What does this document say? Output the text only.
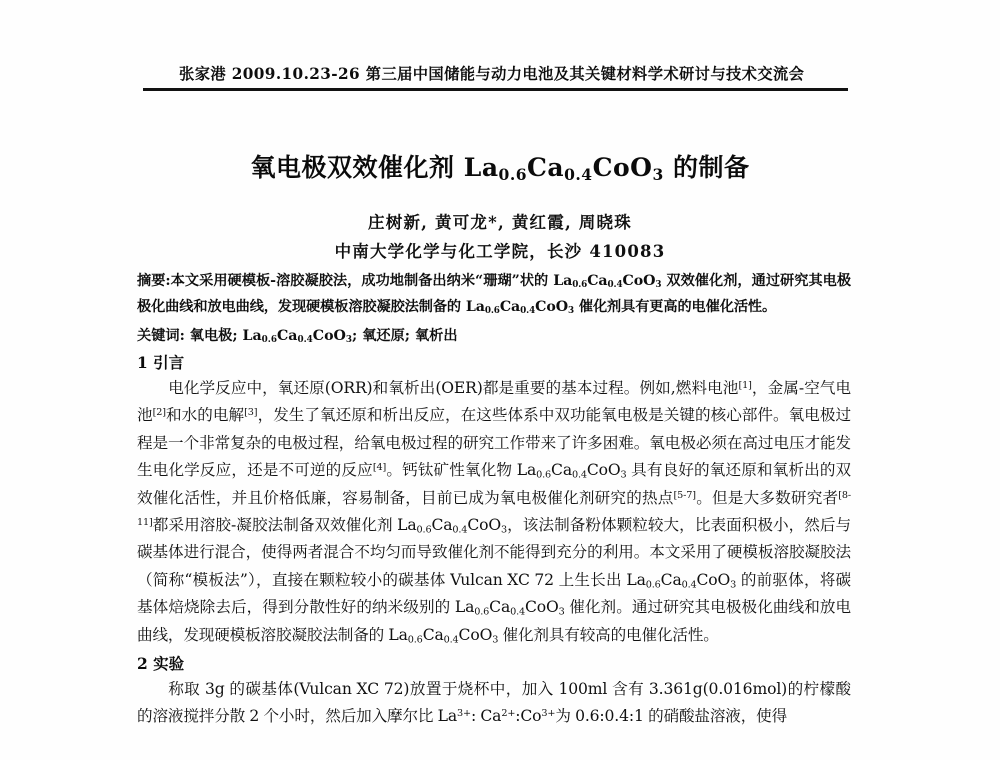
张家港 2009.10.23-26 第三届中国储能与动力电池及其关键材料学术研讨与技术交流会
氧电极双效催化剂 $La_{0.6}Ca_{0.4}CoO_3$ 的制备
庄树新, 黄可龙*, 黄红霞, 周晓珠
中南大学化学与化工学院，长沙 410083
摘要:本文采用硬模板-溶胶凝胶法，成功地制备出纳米“珊瑚”状的 $La_{0.6}Ca_{0.4}CoO_3$ 双效催化剂，通过研究其电极极化曲线和放电曲线，发现硬模板溶胶凝胶法制备的 $La_{0.6}Ca_{0.4}CoO_3$ 催化剂具有更高的电催化活性。
关键词: 氧电极; $La_{0.6}Ca_{0.4}CoO_3$; 氧还原; 氧析出
1 引言

电化学反应中，氧还原(ORR)和氧析出(OER)都是重要的基本过程。例如,燃料电池[1]，金属-空气电池[2]和水的电解[3]，发生了氧还原和析出反应，在这些体系中双功能氧电极是关键的核心部件。氧电极过程是一个非常复杂的电极过程，给氧电极过程的研究工作带来了许多困难。氧电极必须在高过电压才能发生电化学反应，还是不可逆的反应[4]。钙钛矿性氧化物 $La_{0.6}Ca_{0.4}CoO_3$ 具有良好的氧还原和氧析出的双效催化活性，并且价格低廉，容易制备，目前已成为氧电极催化剂研究的热点[5-7]。但是大多数研究者[8-11]都采用溶胶-凝胶法制备双效催化剂 $La_{0.6}Ca_{0.4}CoO_3$，该法制备粉体颗粒较大，比表面积极小，然后与碳基体进行混合，使得两者混合不均匀而导致催化剂不能得到充分的利用。本文采用了硬模板溶胶凝胶法（简称“模板法”），直接在颗粒较小的碳基体 Vulcan XC 72 上生长出 $La_{0.6}Ca_{0.4}CoO_3$ 的前驱体，将碳基体焙烧除去后，得到分散性好的纳米级别的 $La_{0.6}Ca_{0.4}CoO_3$ 催化剂。通过研究其电极极化曲线和放电曲线，发现硬模板溶胶凝胶法制备的 $La_{0.6}Ca_{0.4}CoO_3$ 催化剂具有较高的电催化活性。

2 实验

称取 3g 的碳基体(Vulcan XC 72)放置于烧杯中，加入 100ml 含有 3.361g(0.016mol)的柠檬酸的溶液搅拌分散 2 个小时，然后加入摩尔比 $La^{3+}$: $Ca^{2+}:Co^{3+}$为 0.6:0.4:1 的硝酸盐溶液，使得
